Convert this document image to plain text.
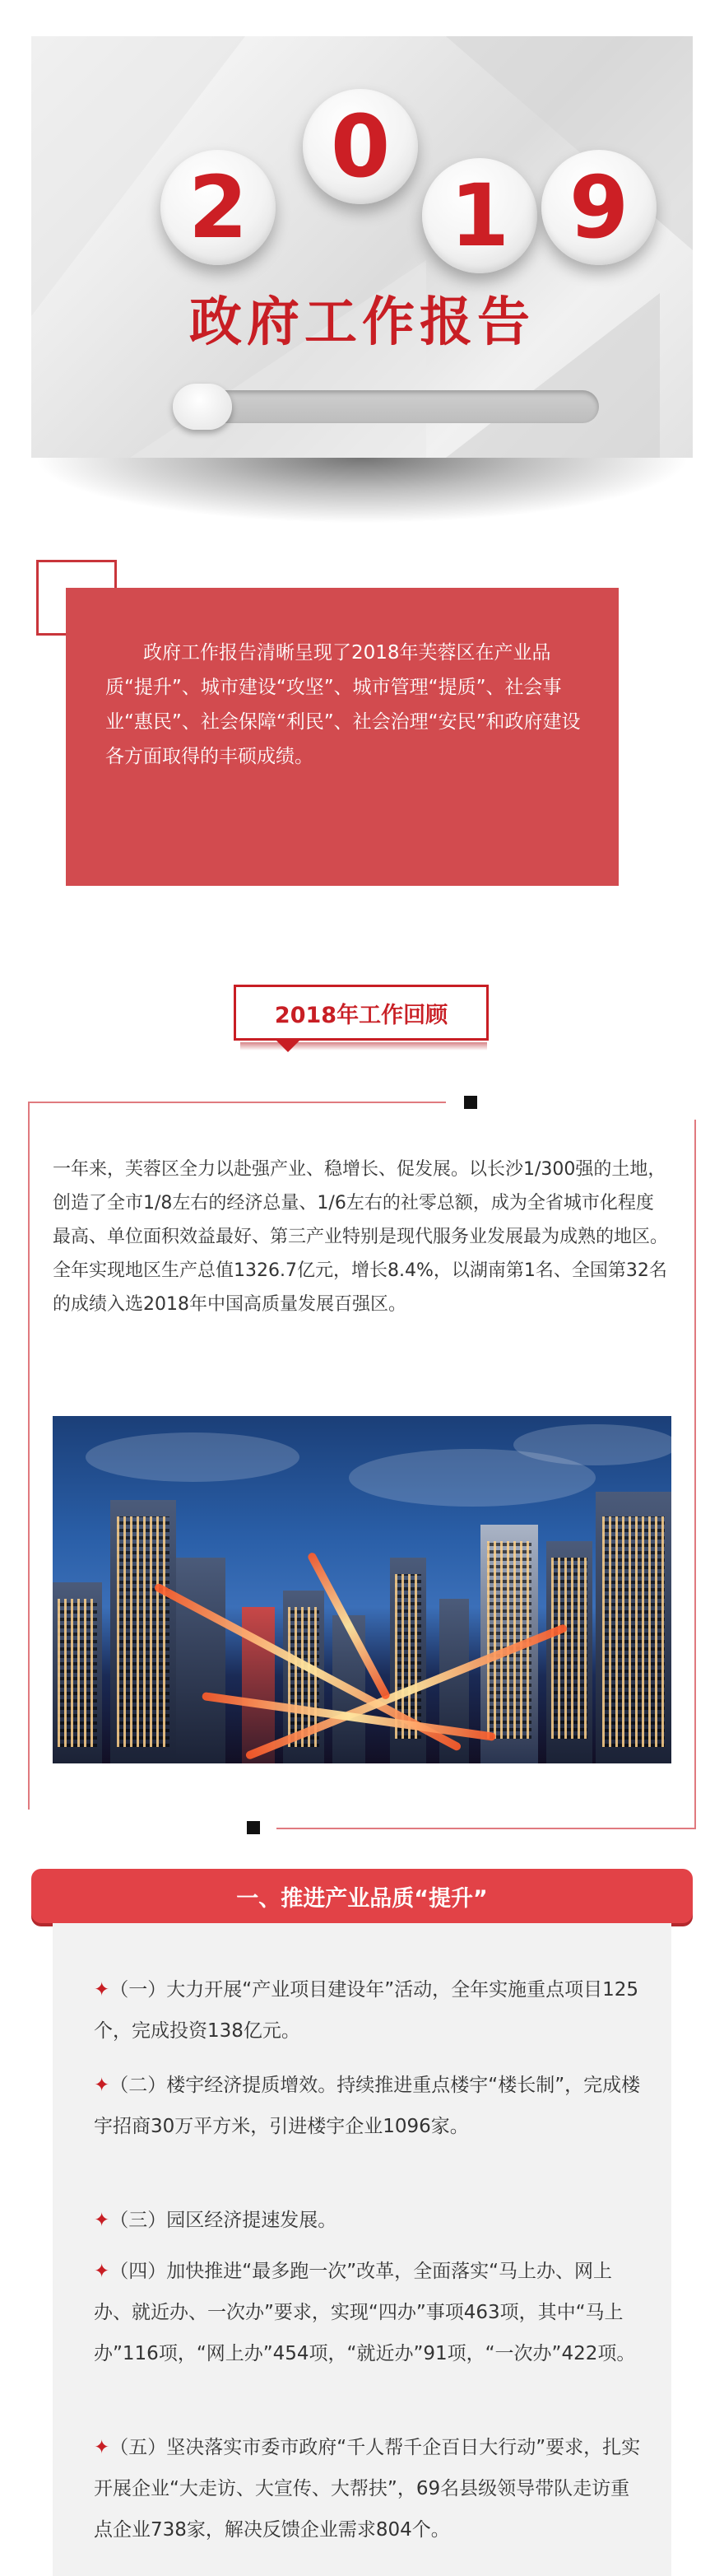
2
0
1 9
政府工作报告
政府工作报告清晰呈现了2018年芙蓉区在产业品质“提升”、城市建设“攻坚”、城市管理“提质”、社会事业“惠民”、社会保障“利民”、社会治理“安民”和政府建设各方面取得的丰硕成绩。
2018年工作回顾
一年来，芙蓉区全力以赴强产业、稳增长、促发展。以长沙1/300强的土地，创造了全市1/8左右的经济总量、1/6左右的社零总额，成为全省城市化程度最高、单位面积效益最好、第三产业特别是现代服务业发展最为成熟的地区。全年实现地区生产总值1326.7亿元，增长8.4%，以湖南第1名、全国第32名的成绩入选2018年中国高质量发展百强区。
一、推进产业品质“提升”
✦（一）大力开展“产业项目建设年”活动，全年实施重点项目125个，完成投资138亿元。
✦（二）楼宇经济提质增效。持续推进重点楼宇“楼长制”，完成楼宇招商30万平方米，引进楼宇企业1096家。
✦（三）园区经济提速发展。
✦（四）加快推进“最多跑一次”改革，全面落实“马上办、网上办、就近办、一次办”要求，实现“四办”事项463项，其中“马上办”116项，“网上办”454项，“就近办”91项，“一次办”422项。
✦（五）坚决落实市委市政府“千人帮千企百日大行动”要求，扎实开展企业“大走访、大宣传、大帮扶”，69名县级领导带队走访重点企业738家，解决反馈企业需求804个。
